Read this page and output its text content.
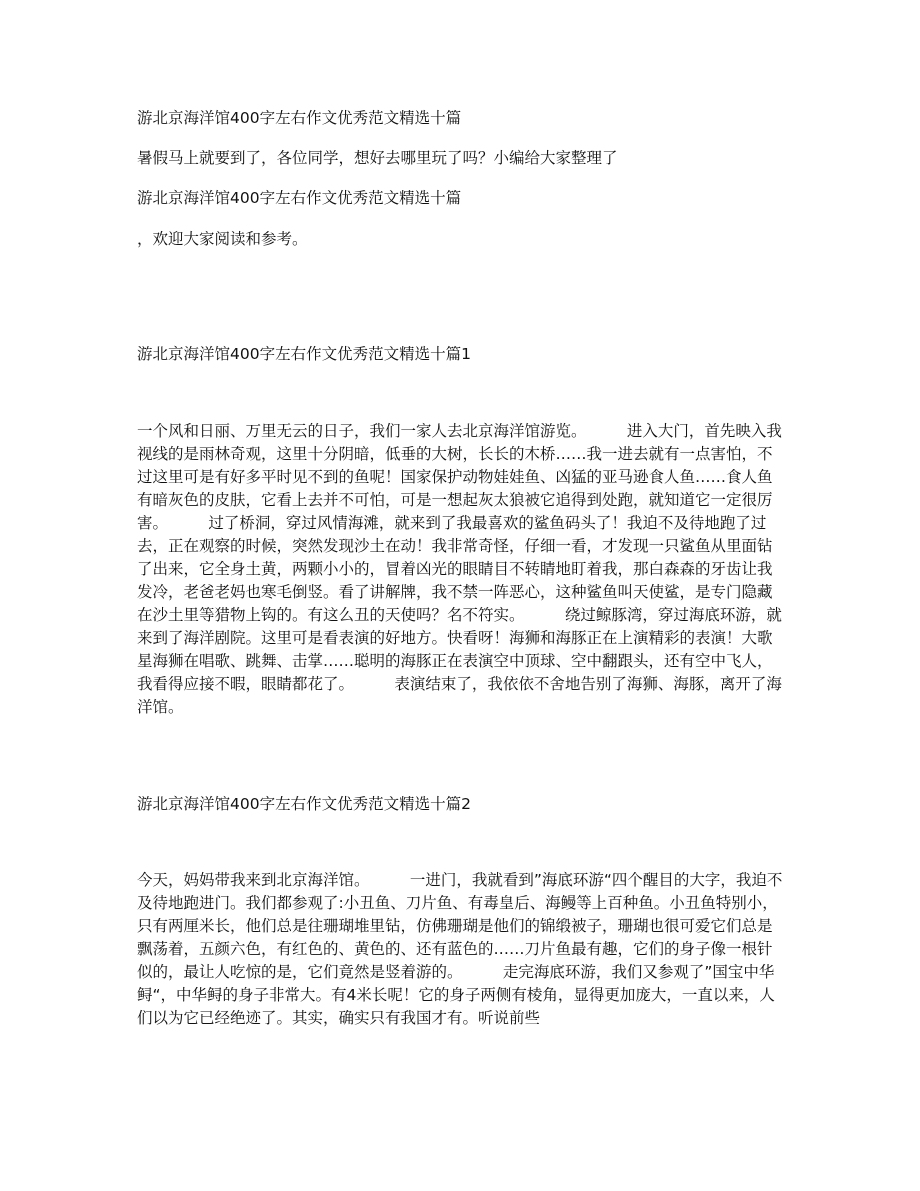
游北京海洋馆400字左右作文优秀范文精选十篇
暑假马上就要到了，各位同学，想好去哪里玩了吗？小编给大家整理了
游北京海洋馆400字左右作文优秀范文精选十篇
，欢迎大家阅读和参考。
游北京海洋馆400字左右作文优秀范文精选十篇1
一个风和日丽、万里无云的日子，我们一家人去北京海洋馆游览。	进入大门，首先映入我视线的是雨林奇观，这里十分阴暗，低垂的大树，长长的木桥……我一进去就有一点害怕，不过这里可是有好多平时见不到的鱼呢！国家保护动物娃娃鱼、凶猛的亚马逊食人鱼……食人鱼有暗灰色的皮肤，它看上去并不可怕，可是一想起灰太狼被它追得到处跑，就知道它一定很厉害。	过了桥洞，穿过风情海滩，就来到了我最喜欢的鲨鱼码头了！我迫不及待地跑了过去，正在观察的时候，突然发现沙土在动！我非常奇怪，仔细一看，才发现一只鲨鱼从里面钻了出来，它全身土黄，两颗小小的，冒着凶光的眼睛目不转睛地盯着我，那白森森的牙齿让我发冷，老爸老妈也寒毛倒竖。看了讲解牌，我不禁一阵恶心，这种鲨鱼叫天使鲨，是专门隐藏在沙土里等猎物上钩的。有这么丑的天使吗？名不符实。	绕过鲸豚湾，穿过海底环游，就来到了海洋剧院。这里可是看表演的好地方。快看呀！海狮和海豚正在上演精彩的表演！大歌星海狮在唱歌、跳舞、击掌……聪明的海豚正在表演空中顶球、空中翻跟头，还有空中飞人，我看得应接不暇，眼睛都花了。	表演结束了，我依依不舍地告别了海狮、海豚，离开了海洋馆。
游北京海洋馆400字左右作文优秀范文精选十篇2
今天，妈妈带我来到北京海洋馆。	一进门，我就看到”海底环游“四个醒目的大字，我迫不及待地跑进门。我们都参观了:小丑鱼、刀片鱼、有毒皇后、海鳗等上百种鱼。小丑鱼特别小，只有两厘米长，他们总是往珊瑚堆里钻，仿佛珊瑚是他们的锦缎被子，珊瑚也很可爱它们总是飘荡着，五颜六色，有红色的、黄色的、还有蓝色的……刀片鱼最有趣，它们的身子像一根针似的，最让人吃惊的是，它们竟然是竖着游的。	走完海底环游，我们又参观了”国宝中华鲟“，中华鲟的身子非常大。有4米长呢！它的身子两侧有棱角，显得更加庞大，一直以来，人们以为它已经绝迹了。其实，确实只有我国才有。听说前些
